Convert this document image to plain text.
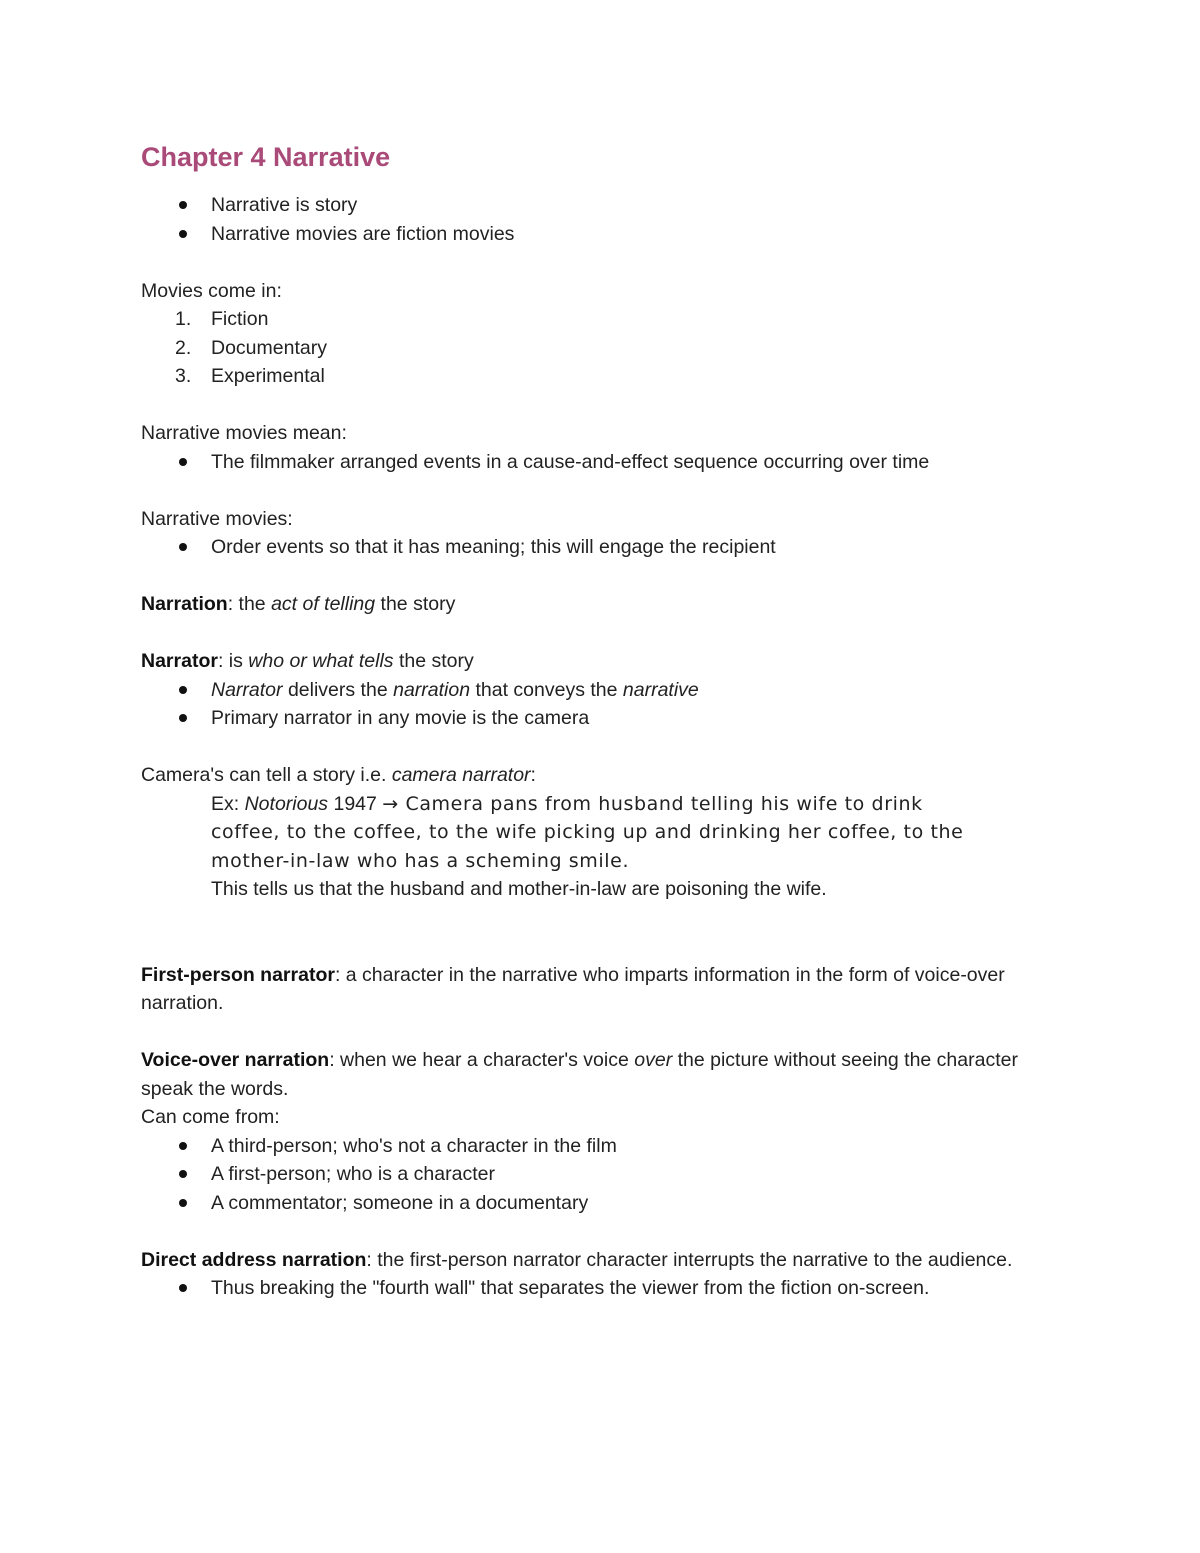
Chapter 4 Narrative
Narrative is story
Narrative movies are fiction movies

Movies come in:

1. Fiction
2. Documentary
3. Experimental

Narrative movies mean:

The filmmaker arranged events in a cause-and-effect sequence occurring over time

Narrative movies:

Order events so that it has meaning; this will engage the recipient

Narration: the act of telling the story

Narrator: is who or what tells the story

Narrator delivers the narration that conveys the narrative
Primary narrator in any movie is the camera

Camera's can tell a story i.e. camera narrator:

Ex: Notorious 1947 → Camera pans from husband telling his wife to drink

coffee, to the coffee, to the wife picking up and drinking her coffee, to the

mother-in-law who has a scheming smile.

This tells us that the husband and mother-in-law are poisoning the wife.

First-person narrator: a character in the narrative who imparts information in the form of voice-over narration.

Voice-over narration: when we hear a character's voice over the picture without seeing the character speak the words.

Can come from:

A third-person; who's not a character in the film
A first-person; who is a character
A commentator; someone in a documentary

Direct address narration: the first-person narrator character interrupts the narrative to the audience.

Thus breaking the "fourth wall" that separates the viewer from the fiction on-screen.
